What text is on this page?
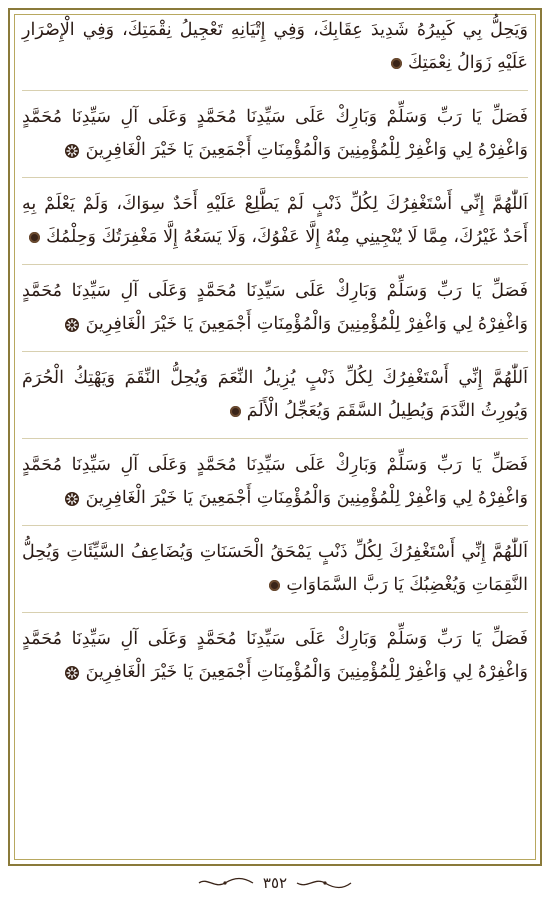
وَيَحِلُّ بِي كَبِيرُهُ شَدِيدَ عِقَابِكَ، وَفِي إِتْيَانِهِ تَعْجِيلُ نِقْمَتِكَ، وَفِي الْإِصْرَارِ عَلَيْهِ زَوَالُ نِعْمَتِكَ

فَصَلِّ يَا رَبِّ وَسَلِّمْ وَبَارِكْ عَلَى سَيِّدِنَا مُحَمَّدٍ وَعَلَى آلِ سَيِّدِنَا مُحَمَّدٍ وَاغْفِرْهُ لِي وَاغْفِرْ لِلْمُؤْمِنِينَ وَالْمُؤْمِنَاتِ أَجْمَعِينَ يَا خَيْرَ الْغَافِرِينَ

اَللّٰهُمَّ إِنِّي أَسْتَغْفِرُكَ لِكُلِّ ذَنْبٍ لَمْ يَطَّلِعْ عَلَيْهِ أَحَدٌ سِوَاكَ، وَلَمْ يَعْلَمْ بِهِ أَحَدٌ غَيْرُكَ، مِمَّا لَا يُنْجِينِي مِنْهُ إِلَّا عَفْوُكَ، وَلَا يَسَعُهُ إِلَّا مَغْفِرَتُكَ وَحِلْمُكَ

فَصَلِّ يَا رَبِّ وَسَلِّمْ وَبَارِكْ عَلَى سَيِّدِنَا مُحَمَّدٍ وَعَلَى آلِ سَيِّدِنَا مُحَمَّدٍ وَاغْفِرْهُ لِي وَاغْفِرْ لِلْمُؤْمِنِينَ وَالْمُؤْمِنَاتِ أَجْمَعِينَ يَا خَيْرَ الْغَافِرِينَ

اَللّٰهُمَّ إِنِّي أَسْتَغْفِرُكَ لِكُلِّ ذَنْبٍ يُزِيلُ النِّعَمَ وَيُحِلُّ النِّقَمَ وَيَهْتِكُ الْحُرَمَ وَيُورِثُ النَّدَمَ وَيُطِيلُ السَّقَمَ وَيُعَجِّلُ الْأَلَمَ

فَصَلِّ يَا رَبِّ وَسَلِّمْ وَبَارِكْ عَلَى سَيِّدِنَا مُحَمَّدٍ وَعَلَى آلِ سَيِّدِنَا مُحَمَّدٍ وَاغْفِرْهُ لِي وَاغْفِرْ لِلْمُؤْمِنِينَ وَالْمُؤْمِنَاتِ أَجْمَعِينَ يَا خَيْرَ الْغَافِرِينَ

اَللّٰهُمَّ إِنِّي أَسْتَغْفِرُكَ لِكُلِّ ذَنْبٍ يَمْحَقُ الْحَسَنَاتِ وَيُضَاعِفُ السَّيِّئَاتِ وَيُحِلُّ النَّقِمَاتِ وَيُغْضِبُكَ يَا رَبَّ السَّمَاوَاتِ

فَصَلِّ يَا رَبِّ وَسَلِّمْ وَبَارِكْ عَلَى سَيِّدِنَا مُحَمَّدٍ وَعَلَى آلِ سَيِّدِنَا مُحَمَّدٍ وَاغْفِرْهُ لِي وَاغْفِرْ لِلْمُؤْمِنِينَ وَالْمُؤْمِنَاتِ أَجْمَعِينَ يَا خَيْرَ الْغَافِرِينَ

٣٥٢
